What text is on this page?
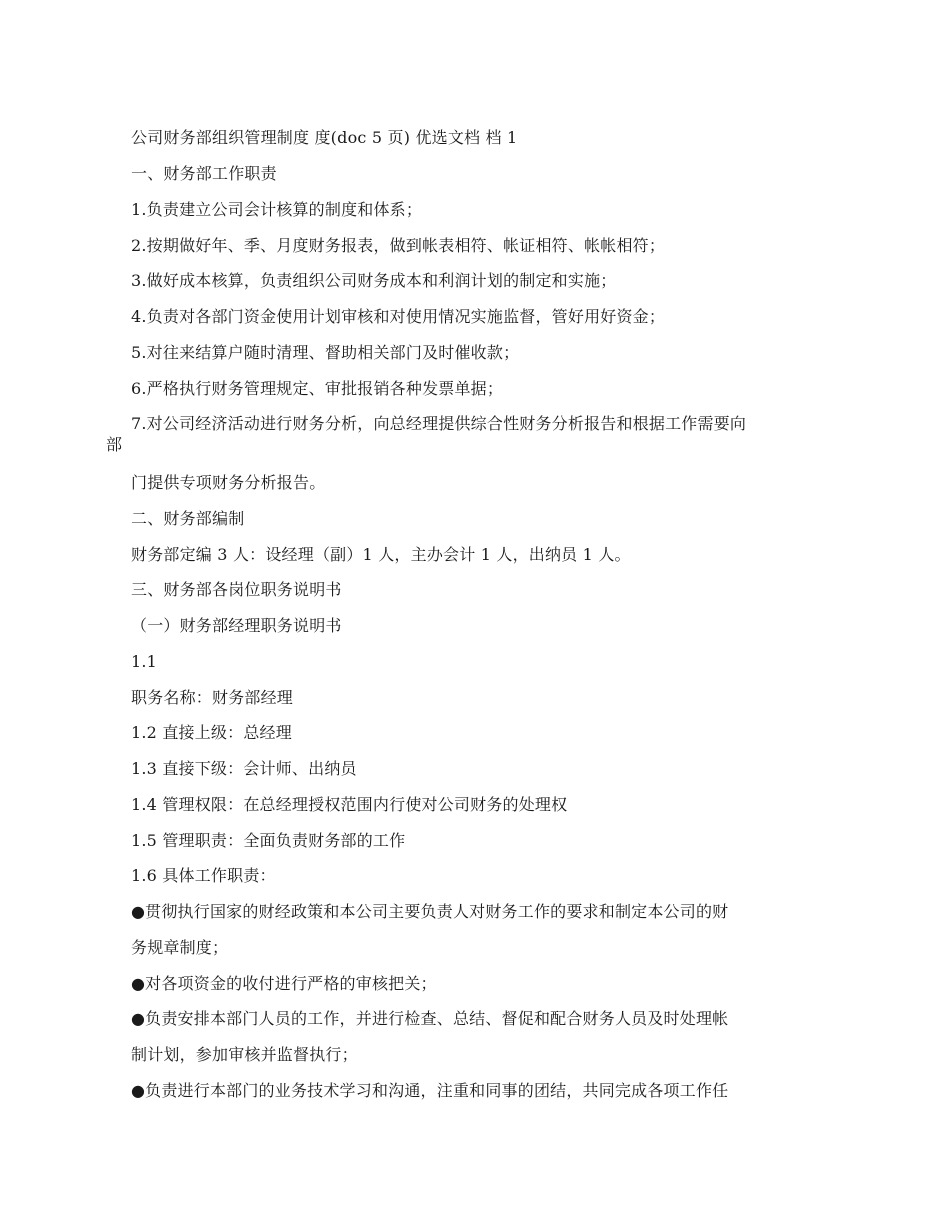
公司财务部组织管理制度 度(doc 5 页) 优选文档 档 1
一、财务部工作职责
1.负责建立公司会计核算的制度和体系；
2.按期做好年、季、月度财务报表，做到帐表相符、帐证相符、帐帐相符；
3.做好成本核算，负责组织公司财务成本和利润计划的制定和实施；
4.负责对各部门资金使用计划审核和对使用情况实施监督，管好用好资金；
5.对往来结算户随时清理、督助相关部门及时催收款；
6.严格执行财务管理规定、审批报销各种发票单据；
7.对公司经济活动进行财务分析，向总经理提供综合性财务分析报告和根据工作需要向
部
门提供专项财务分析报告。
二、财务部编制
财务部定编 3 人：设经理（副）1 人，主办会计 1 人，出纳员 1 人。
三、财务部各岗位职务说明书
（一）财务部经理职务说明书
1.1
职务名称：财务部经理
1.2 直接上级：总经理
1.3 直接下级：会计师、出纳员
1.4 管理权限：在总经理授权范围内行使对公司财务的处理权
1.5 管理职责：全面负责财务部的工作
1.6 具体工作职责：
●贯彻执行国家的财经政策和本公司主要负责人对财务工作的要求和制定本公司的财
务规章制度；
●对各项资金的收付进行严格的审核把关；
●负责安排本部门人员的工作，并进行检查、总结、督促和配合财务人员及时处理帐
制计划，参加审核并监督执行；
●负责进行本部门的业务技术学习和沟通，注重和同事的团结，共同完成各项工作任
